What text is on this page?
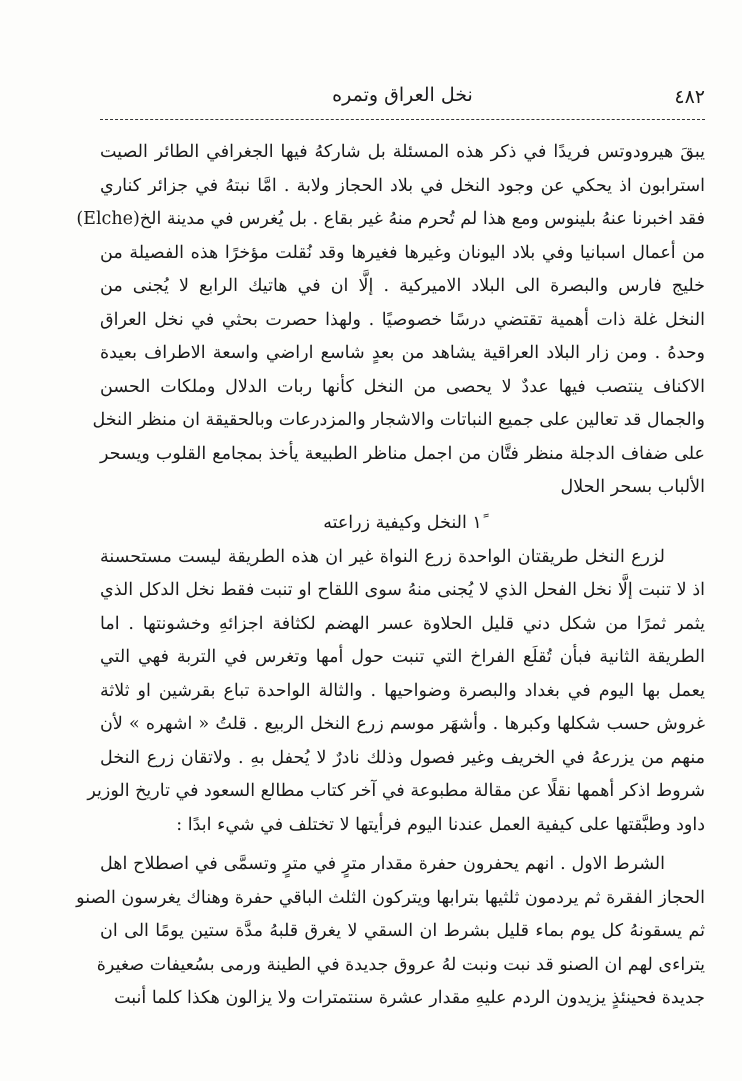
٤٨٢
نخل العراق وتمره
يبقَ هيرودوتس فريدًا في ذكر هذه المسئلة بل شاركهُ فيها الجغرافي الطائر الصيت
استرابون اذ يحكي عن وجود النخل في بلاد الحجاز ولابة . امَّا نبتهُ في جزائر كناري
فقد اخبرنا عنهُ بلينوس ومع هذا لم تُحرم منهُ غير بقاع . بل يُغرس في مدينة الخ(Elche)
من أعمال اسبانيا وفي بلاد اليونان وغيرها فغيرها وقد نُقلت مؤخرًا هذه الفصيلة من
خليج فارس والبصرة الى البلاد الاميركية . إلَّا ان في هاتيك الرابع لا يُجنى من
النخل غلة ذات أهمية تقتضي درسًا خصوصيًا . ولهذا حصرت بحثي في نخل العراق
وحدهُ . ومن زار البلاد العراقية يشاهد من بعدٍ شاسع اراضي واسعة الاطراف بعيدة
الاكناف ينتصب فيها عددٌ لا يحصى من النخل كأنها ربات الدلال وملكات الحسن
والجمال قد تعالين على جميع النباتات والاشجار والمزدرعات وبالحقيقة ان منظر النخل
على ضفاف الدجلة منظر فتَّان من اجمل مناظر الطبيعة يأخذ بمجامع القلوب ويسحر
الألباب بسحر الحلال
١ً النخل وكيفية زراعته
لزرع النخل طريقتان الواحدة زرع النواة غير ان هذه الطريقة ليست مستحسنة
اذ لا تنبت إلَّا نخل الفحل الذي لا يُجنى منهُ سوى اللقاح او تنبت فقط نخل الدكل الذي
يثمر ثمرًا من شكل دني قليل الحلاوة عسر الهضم لكثافة اجزائهِ وخشونتها . اما
الطريقة الثانية فبأن تُقلَع الفراخ التي تنبت حول أمها وتغرس في التربة فهي التي
يعمل بها اليوم في بغداد والبصرة وضواحيها . والثالة الواحدة تباع بقرشين او ثلاثة
غروش حسب شكلها وكبرها . وأشهَر موسم زرع النخل الربيع . قلتُ « اشهره » لأن
منهم من يزرعهُ في الخريف وغير فصول وذلك نادرٌ لا يُحفل بهِ . ولاتقان زرع النخل
شروط اذكر أهمها نقلًا عن مقالة مطبوعة في آخر كتاب مطالع السعود في تاريخ الوزير
داود وطبَّقتها على كيفية العمل عندنا اليوم فرأيتها لا تختلف في شيء ابدًا :
الشرط الاول . انهم يحفرون حفرة مقدار مترٍ في مترٍ وتسمَّى في اصطلاح اهل
الحجاز الفقرة ثم يردمون ثلثيها بترابها ويتركون الثلث الباقي حفرة وهناك يغرسون الصنو
ثم يسقونهُ كل يوم بماء قليل بشرط ان السقي لا يغرق قلبهُ مدَّة ستين يومًا الى ان
يتراءى لهم ان الصنو قد نبت ونبت لهُ عروق جديدة في الطينة ورمى بسُعيفات صغيرة
جديدة فحينئذٍ يزيدون الردم عليهِ مقدار عشرة سنتمترات ولا يزالون هكذا كلما أنبت
